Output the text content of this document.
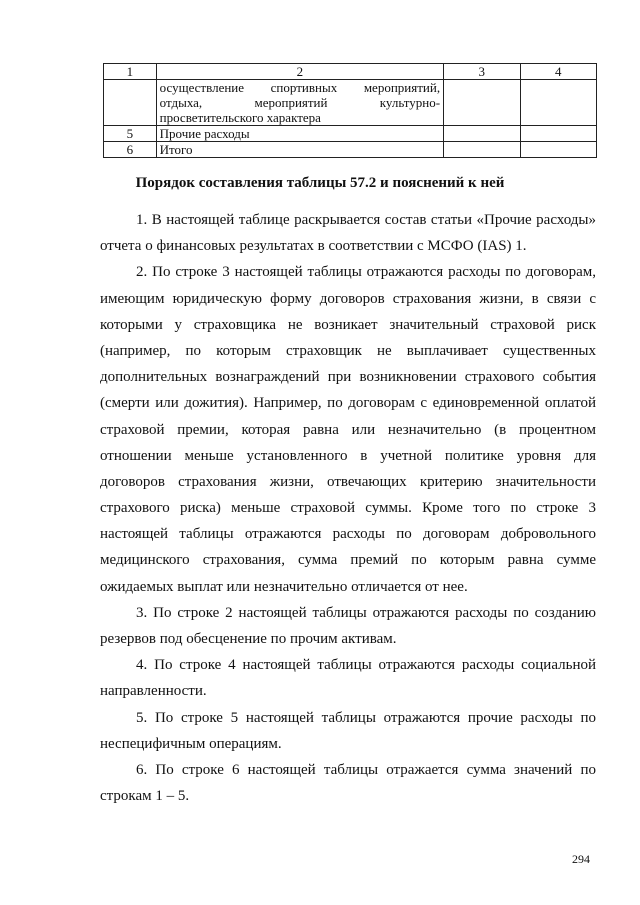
1	2	3	4

	осуществление спортивных мероприятий,
отдыха, мероприятий культурно-
просветительского характера		

5	Прочие расходы		
6	Итого		
Порядок составления таблицы 57.2 и пояснений к ней
1. В настоящей таблице раскрывается состав статьи «Прочие расходы»
отчета о финансовых результатах в соответствии с МСФО (IAS) 1.
2. По строке 3 настоящей таблицы отражаются расходы по договорам,
имеющим юридическую форму договоров страхования жизни, в связи с
которыми у страховщика не возникает значительный страховой риск
(например, по которым страховщик не выплачивает существенных
дополнительных вознаграждений при возникновении страхового события
(смерти или дожития). Например, по договорам с единовременной оплатой
страховой премии, которая равна или незначительно (в процентном
отношении меньше установленного в учетной политике уровня для
договоров страхования жизни, отвечающих критерию значительности
страхового риска) меньше страховой суммы. Кроме того по строке 3
настоящей таблицы отражаются расходы по договорам добровольного
медицинского страхования, сумма премий по которым равна сумме
ожидаемых выплат или незначительно отличается от нее.
3. По строке 2 настоящей таблицы отражаются расходы по созданию
резервов под обесценение по прочим активам.
4. По строке 4 настоящей таблицы отражаются расходы социальной
направленности.
5. По строке 5 настоящей таблицы отражаются прочие расходы по
неспецифичным операциям.
6. По строке 6 настоящей таблицы отражается сумма значений по
строкам 1 – 5.
294
